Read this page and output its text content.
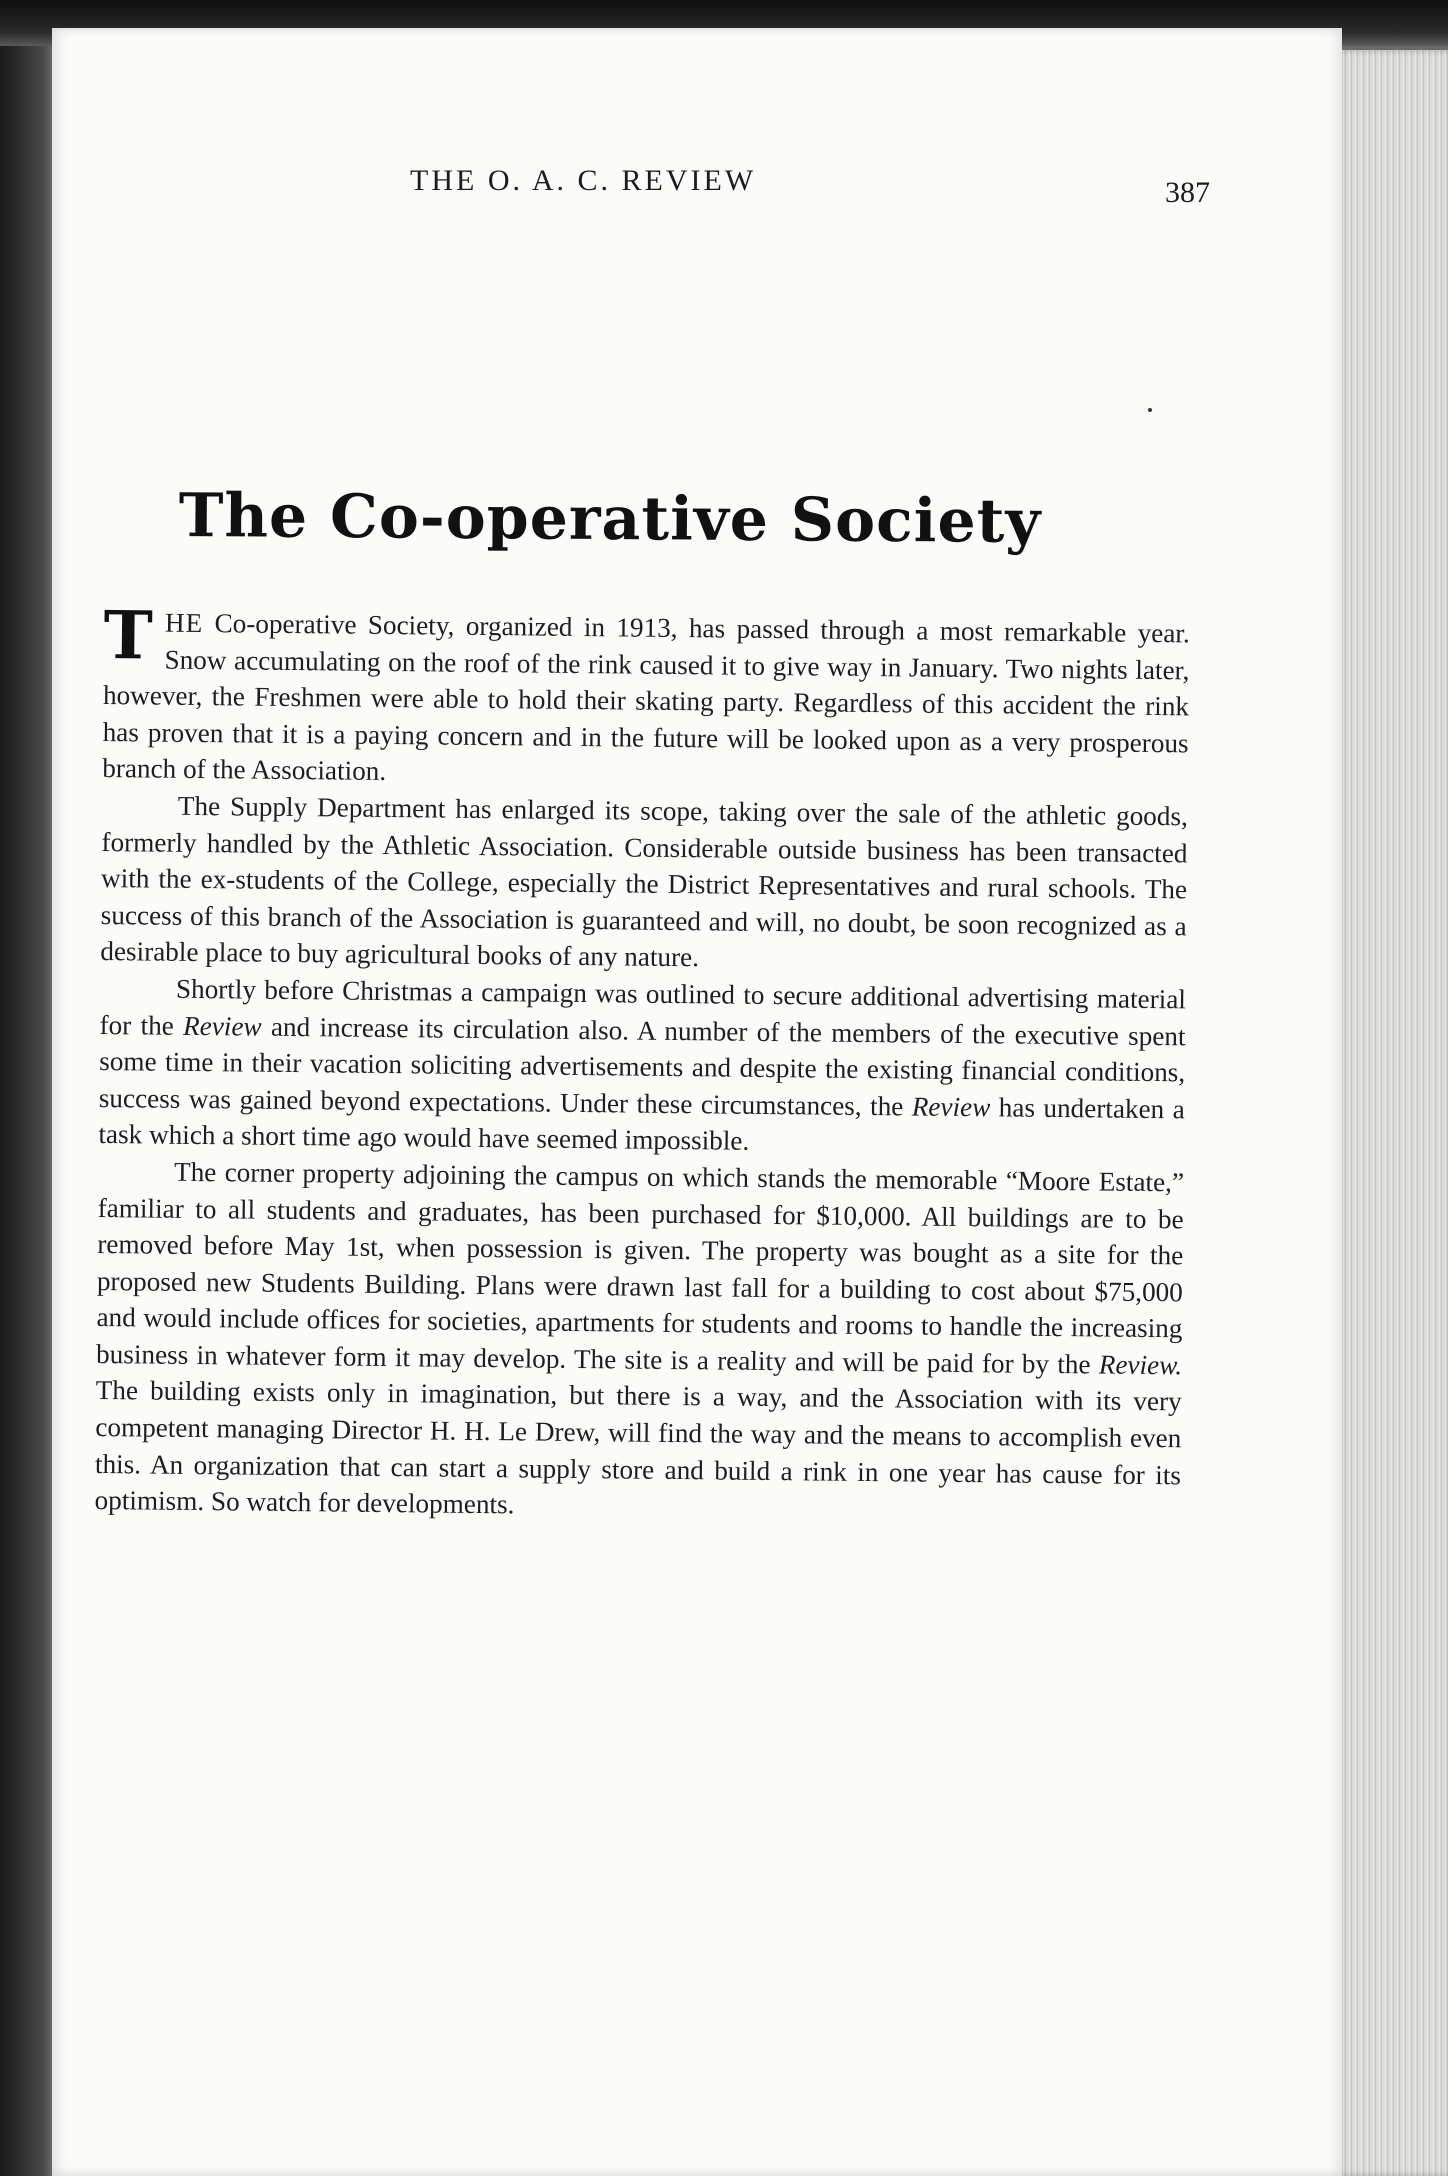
THE O. A. C. REVIEW	387
The Co-operative Society

THE Co-operative Society, organized in 1913, has passed through a most remarkable year. Snow accumulating on the roof of the rink caused it to give way in January. Two nights later, however, the Freshmen were able to hold their skating party. Regardless of this accident the rink has proven that it is a paying concern and in the future will be looked upon as a very prosperous branch of the Association.

The Supply Department has enlarged its scope, taking over the sale of the athletic goods, formerly handled by the Athletic Association. Considerable outside business has been transacted with the ex-students of the College, especially the District Representatives and rural schools. The success of this branch of the Association is guaranteed and will, no doubt, be soon recognized as a desirable place to buy agricultural books of any nature.

Shortly before Christmas a campaign was outlined to secure additional advertising material for the Review and increase its circulation also. A number of the members of the executive spent some time in their vacation soliciting advertisements and despite the existing financial conditions, success was gained beyond expectations. Under these circumstances, the Review has undertaken a task which a short time ago would have seemed impossible.

The corner property adjoining the campus on which stands the memorable “Moore Estate,” familiar to all students and graduates, has been purchased for $10,000. All buildings are to be removed before May 1st, when possession is given. The property was bought as a site for the proposed new Students Building. Plans were drawn last fall for a building to cost about $75,000 and would include offices for societies, apartments for students and rooms to handle the increasing business in whatever form it may develop. The site is a reality and will be paid for by the Review. The building exists only in imagination, but there is a way, and the Association with its very competent managing Director H. H. Le Drew, will find the way and the means to accomplish even this. An organization that can start a supply store and build a rink in one year has cause for its optimism. So watch for developments.
